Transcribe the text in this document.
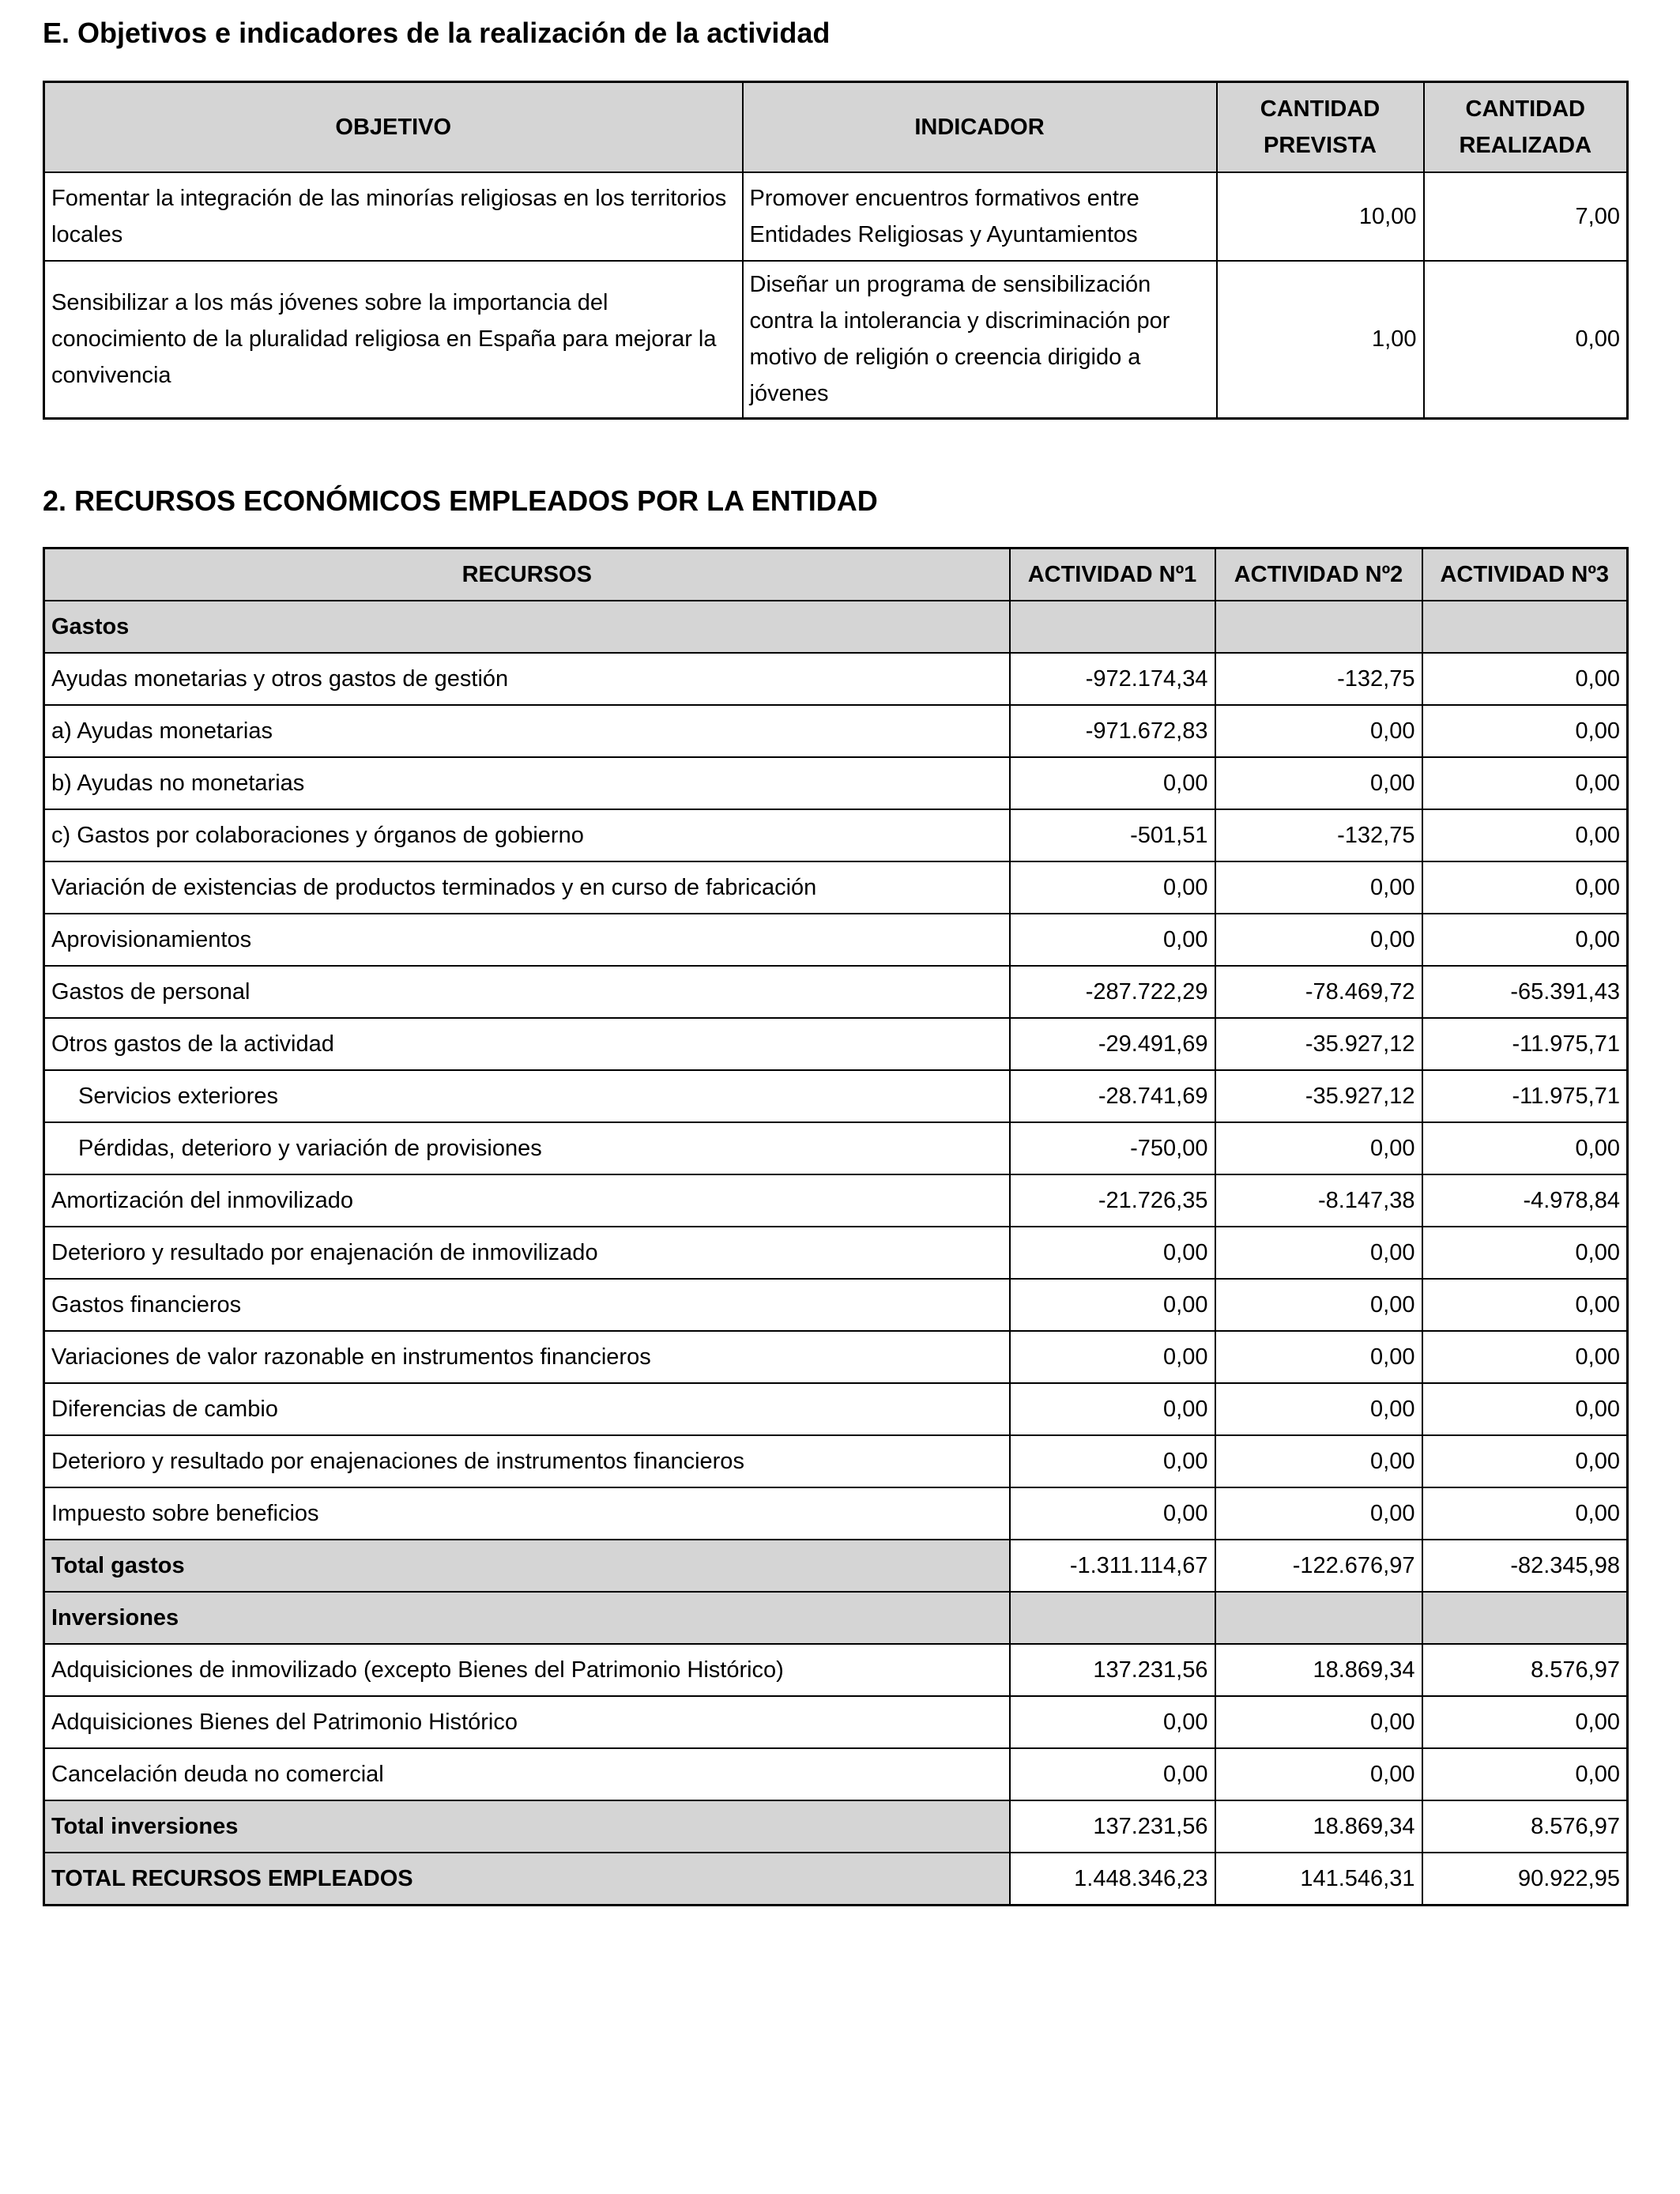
E. Objetivos e indicadores de la realización de la actividad
OBJETIVO	INDICADOR	CANTIDAD PREVISTA	CANTIDAD REALIZADA
Fomentar la integración de las minorías religiosas en los territorios locales	Promover encuentros formativos entre Entidades Religiosas y Ayuntamientos	10,00	7,00
Sensibilizar a los más jóvenes sobre la importancia del conocimiento de la pluralidad religiosa en España para mejorar la convivencia	Diseñar un programa de sensibilización contra la intolerancia y discriminación por motivo de religión o creencia dirigido a jóvenes	1,00	0,00
2. RECURSOS ECONÓMICOS EMPLEADOS POR LA ENTIDAD
RECURSOS	ACTIVIDAD Nº1	ACTIVIDAD Nº2	ACTIVIDAD Nº3
Gastos			
Ayudas monetarias y otros gastos de gestión	-972.174,34	-132,75	0,00
a) Ayudas monetarias	-971.672,83	0,00	0,00
b) Ayudas no monetarias	0,00	0,00	0,00
c) Gastos por colaboraciones y órganos de gobierno	-501,51	-132,75	0,00
Variación de existencias de productos terminados y en curso de fabricación	0,00	0,00	0,00
Aprovisionamientos	0,00	0,00	0,00
Gastos de personal	-287.722,29	-78.469,72	-65.391,43
Otros gastos de la actividad	-29.491,69	-35.927,12	-11.975,71
Servicios exteriores	-28.741,69	-35.927,12	-11.975,71
Pérdidas, deterioro y variación de provisiones	-750,00	0,00	0,00
Amortización del inmovilizado	-21.726,35	-8.147,38	-4.978,84
Deterioro y resultado por enajenación de inmovilizado	0,00	0,00	0,00
Gastos financieros	0,00	0,00	0,00
Variaciones de valor razonable en instrumentos financieros	0,00	0,00	0,00
Diferencias de cambio	0,00	0,00	0,00
Deterioro y resultado por enajenaciones de instrumentos financieros	0,00	0,00	0,00
Impuesto sobre beneficios	0,00	0,00	0,00
Total gastos	-1.311.114,67	-122.676,97	-82.345,98
Inversiones			
Adquisiciones de inmovilizado (excepto Bienes del Patrimonio Histórico)	137.231,56	18.869,34	8.576,97
Adquisiciones Bienes del Patrimonio Histórico	0,00	0,00	0,00
Cancelación deuda no comercial	0,00	0,00	0,00
Total inversiones	137.231,56	18.869,34	8.576,97
TOTAL RECURSOS EMPLEADOS	1.448.346,23	141.546,31	90.922,95
